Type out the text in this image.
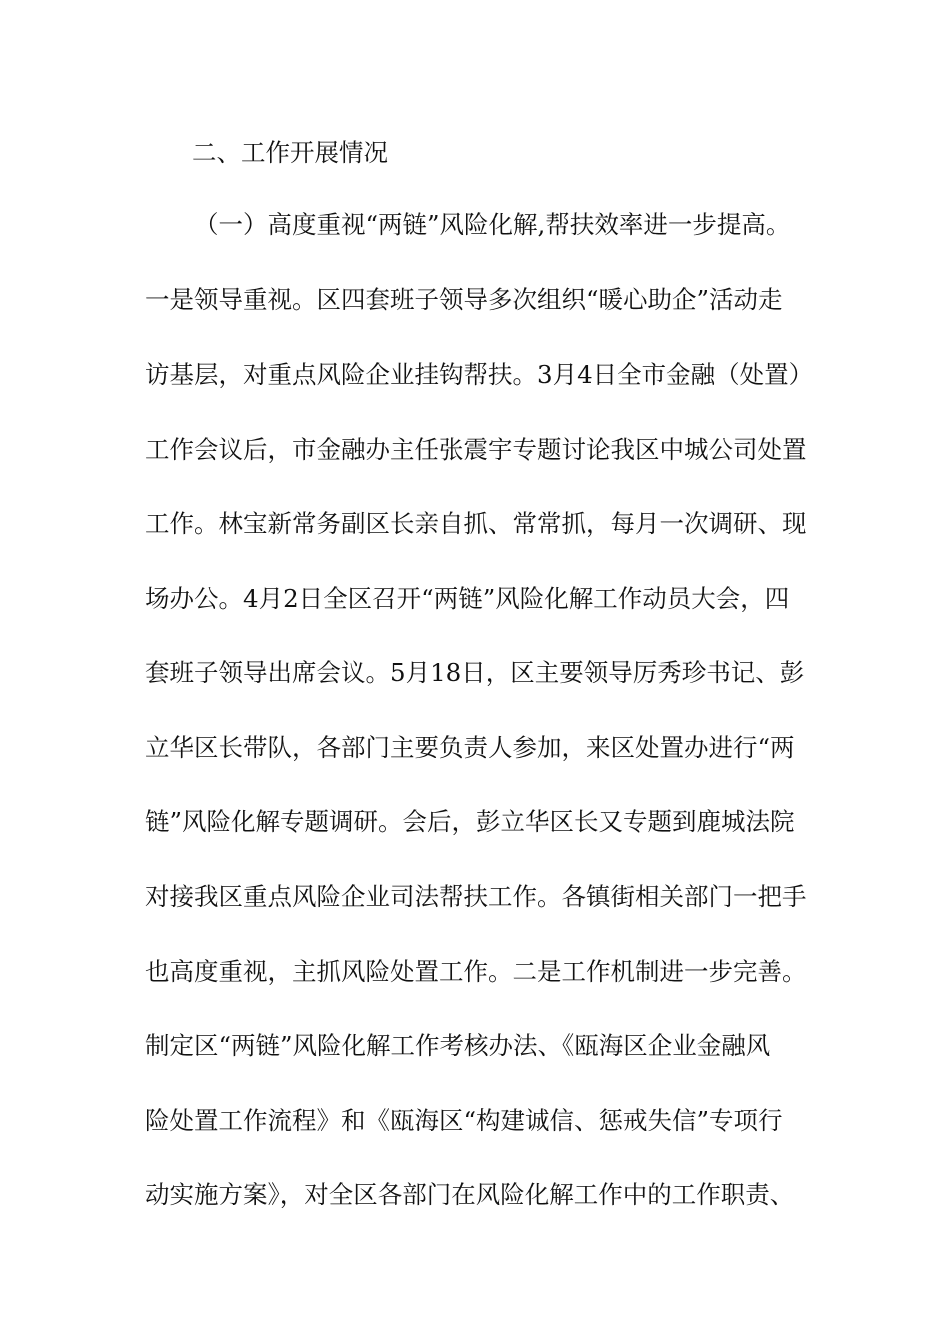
二、工作开展情况
（一）高度重视“两链”风险化解,帮扶效率进一步提高。
一是领导重视。区四套班子领导多次组织“暖心助企”活动走
访基层，对重点风险企业挂钩帮扶。3月4日全市金融（处置）
工作会议后，市金融办主任张震宇专题讨论我区中城公司处置
工作。林宝新常务副区长亲自抓、常常抓，每月一次调研、现
场办公。4月2日全区召开“两链”风险化解工作动员大会，四
套班子领导出席会议。5月18日，区主要领导厉秀珍书记、彭
立华区长带队，各部门主要负责人参加，来区处置办进行“两
链”风险化解专题调研。会后，彭立华区长又专题到鹿城法院
对接我区重点风险企业司法帮扶工作。各镇街相关部门一把手
也高度重视，主抓风险处置工作。二是工作机制进一步完善。
制定区“两链”风险化解工作考核办法、《瓯海区企业金融风
险处置工作流程》和《瓯海区“构建诚信、惩戒失信”专项行
动实施方案》，对全区各部门在风险化解工作中的工作职责、
